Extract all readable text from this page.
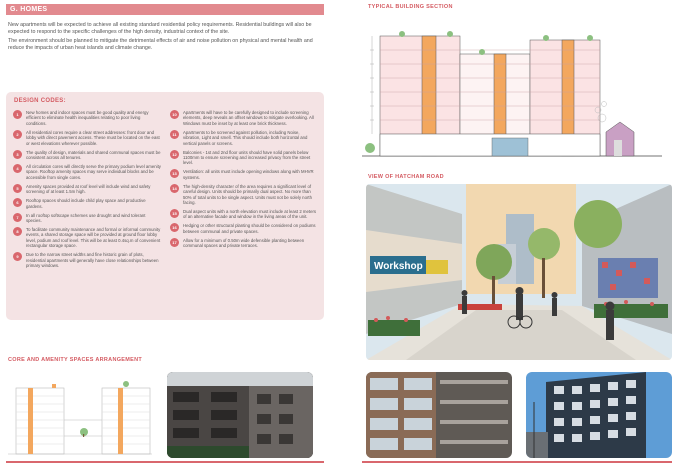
G. HOMES

New apartments will be expected to achieve all existing standard residential policy requirements. Residential buildings will also be expected to respond to the specific challenges of the high density, industrial context of the site.

The environment should be planned to mitigate the detrimental effects of air and noise pollution on physical and mental health and reduce the impacts of urban heat islands and climate change.

DESIGN CODES:
1	New homes and indoor spaces must be good quality and energy efficient to eliminate health inequalities relating to poor living conditions.
2	All residential cores require a clear street addresses: front door and lobby with direct pavement access. These must be located on the east or west elevations wherever possible.
3	The quality of design, materials and shared communal spaces must be consistent across all tenures.
4	All circulation cores will directly serve the primary podium level amenity space. Rooftop amenity spaces may serve individual blocks and be accessible from single cores.
5	Amenity spaces provided at roof level will include wind and safety screening of at least 1.5m high.
6	Rooftop spaces should include child play space and productive gardens.
7	In all rooftop softscape schemes use drought and wind tolerant species.
8	To facilitate community maintenance and formal or informal community events, a shared storage space will be provided at ground floor lobby level, podium and roof level. This will be at least 0.4sq.m of convenient rectangular storage space.
9	Due to the narrow street widths and fine historic grain of plots, residential apartments will generally have close relationships between primary windows.
10	Apartments will have to be carefully designed to include screening elements, deep reveals an offset windows to mitigate overlooking. All Windows must be inset by at least one brick thickness.
11	Apartments to be screened against pollution, including Noise, vibration, Light and smell. This should include both horizontal and vertical panels or screens.
12	Balconies - 1st and 2nd floor units should have solid panels below 1100mm to ensure screening and increased privacy from the street level.
13	Ventilation: all units must include opening windows along with MHVR systems.
14	The high-density character of the area requires a significant level of careful design. Units should be primarily dual aspect. No more than 50% of total units to be single aspect. Units must not be solely north facing.
15	Dual aspect units with a north elevation must include at least 2 meters of an alternative facade and window in the living areas of the unit.
16	Hedging or other structural planting should be considered on podiums between communal and private spaces.
17	Allow for a minimum of 0.50m wide defensible planting between communal spaces and private terraces.
CORE AND AMENITY SPACES ARRANGEMENT
TYPICAL BUILDING SECTION
VIEW OF HATCHAM ROAD
Workshop
